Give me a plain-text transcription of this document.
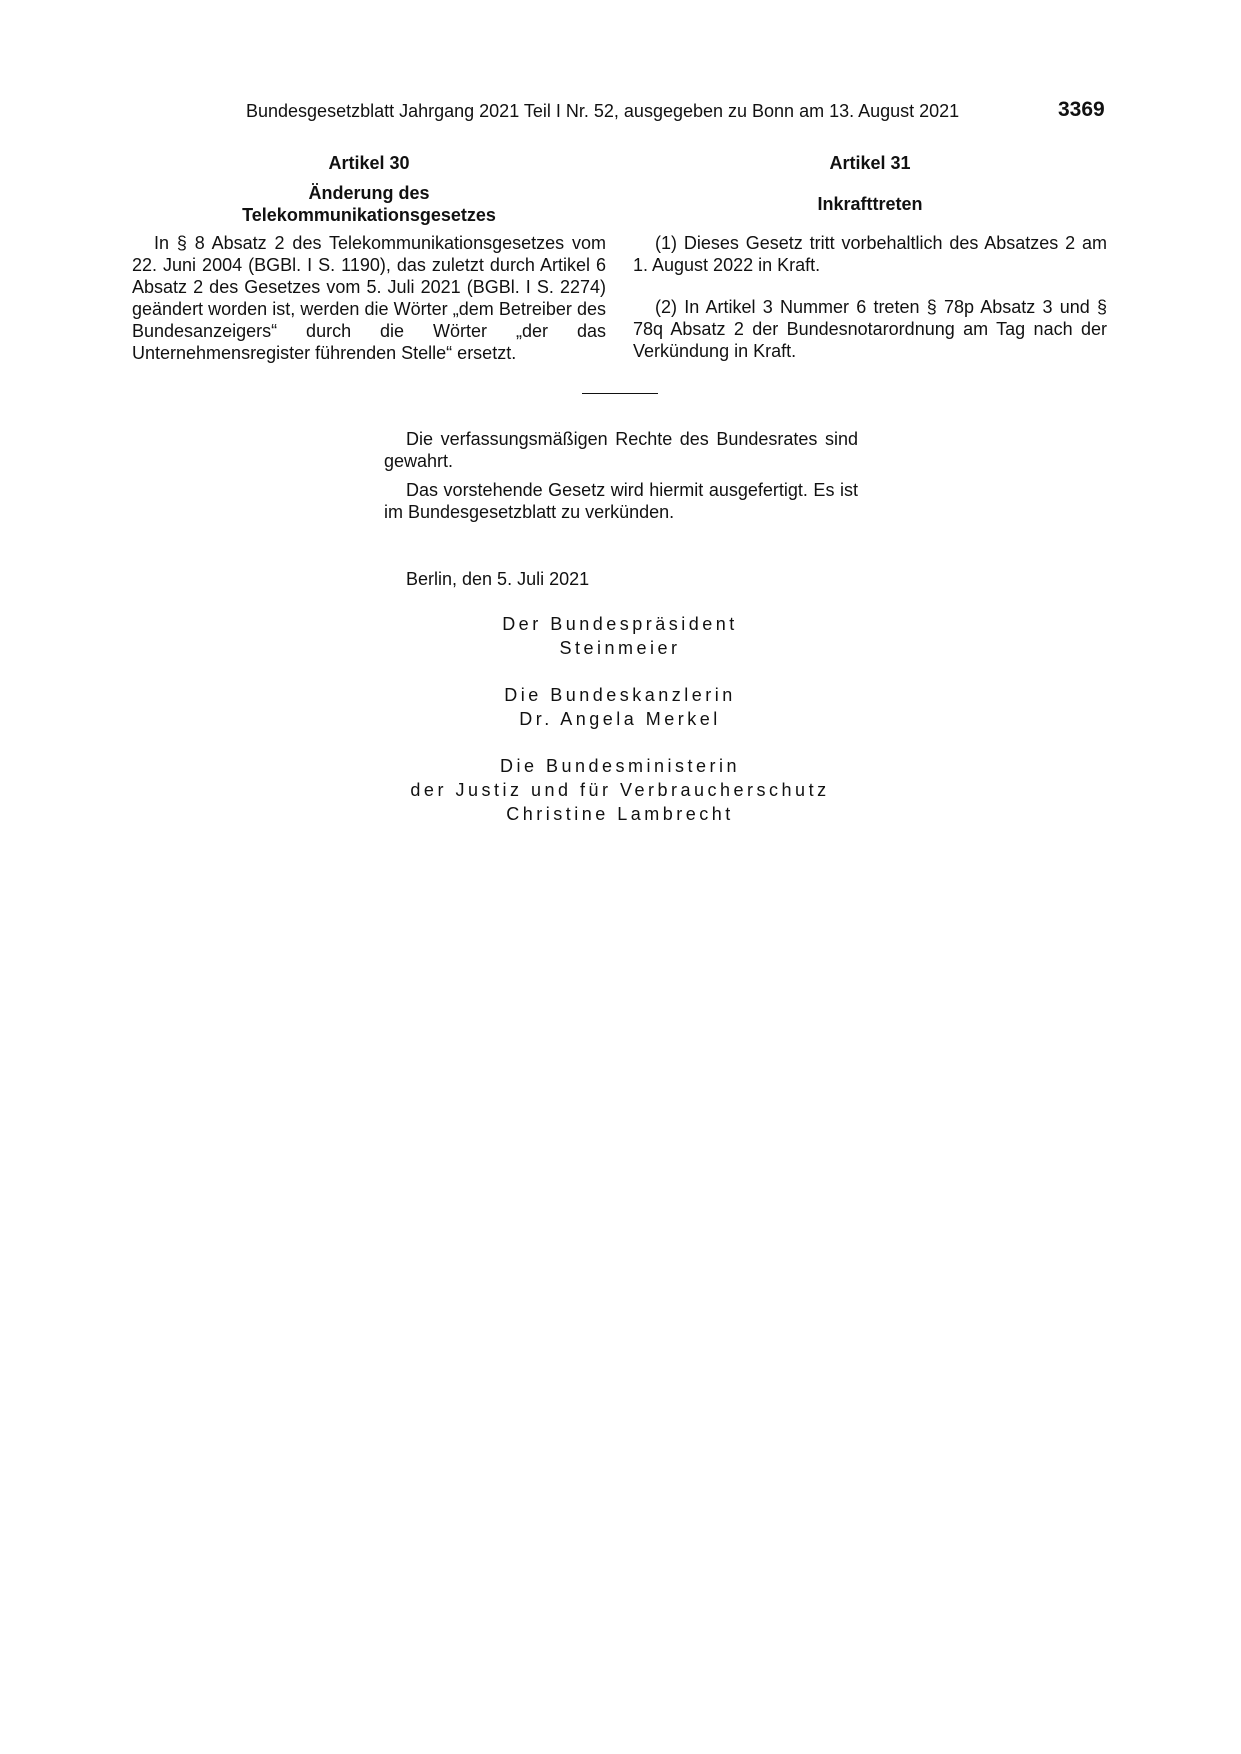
Bundesgesetzblatt Jahrgang 2021 Teil I Nr. 52, ausgegeben zu Bonn am 13. August 2021	3369

Artikel 30

Änderung des
Telekommunikationsgesetzes

In § 8 Absatz 2 des Telekommunikationsgesetzes vom 22. Juni 2004 (BGBl. I S. 1190), das zuletzt durch Artikel 6 Absatz 2 des Gesetzes vom 5. Juli 2021 (BGBl. I S. 2274) geändert worden ist, werden die Wörter „dem Betreiber des Bundesanzeigers“ durch die Wörter „der das Unternehmensregister führenden Stelle“ ersetzt.

Artikel 31

Inkrafttreten

(1) Dieses Gesetz tritt vorbehaltlich des Absatzes 2 am 1. August 2022 in Kraft.

(2) In Artikel 3 Nummer 6 treten § 78p Absatz 3 und § 78q Absatz 2 der Bundesnotarordnung am Tag nach der Verkündung in Kraft.

Die verfassungsmäßigen Rechte des Bundesrates sind gewahrt.

Das vorstehende Gesetz wird hiermit ausgefertigt. Es ist im Bundesgesetzblatt zu verkünden.

Berlin, den 5. Juli 2021

Der Bundespräsident

Steinmeier

Die Bundeskanzlerin

Dr. Angela Merkel

Die Bundesministerin

der Justiz und für Verbraucherschutz

Christine Lambrecht
